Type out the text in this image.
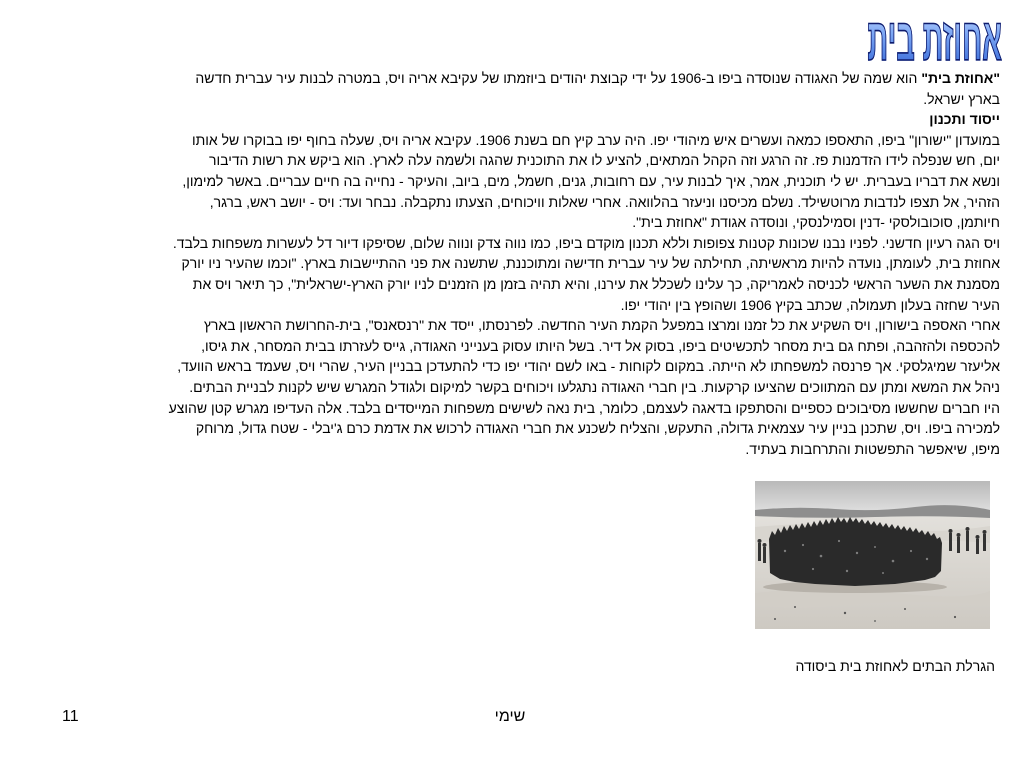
אחוזת בית
"אחוזת בית"הוא שמה של האגודה שנוסדה ביפו ב-1906 על ידי קבוצת יהודים ביוזמתו של עקיבא אריה ויס, במטרה לבנות עיר עברית חדשה
בארץ ישראל.
ייסוד ותכנון
במועדון "ישורון" ביפו, התאספו כמאה ועשרים איש מיהודי יפו. היה ערב קיץ חם בשנת 1906. עקיבא אריה ויס, שעלה בחוף יפו בבוקרו של אותו
יום, חש שנפלה לידו הזדמנות פז. זה הרגע וזה הקהל המתאים, להציע לו את התוכנית שהגה ולשמה עלה לארץ. הוא ביקש את רשות הדיבור
ונשא את דבריו בעברית. יש לי תוכנית, אמר, איך לבנות עיר, עם רחובות, גנים, חשמל, מים, ביוב, והעיקר - נחייה בה חיים עבריים. באשר למימון,
הזהיר, אל תצפו לנדבות מרוטשילד. נשלם מכיסנו וניעזר בהלוואה. אחרי שאלות וויכוחים, הצעתו נתקבלה. נבחר ועד: ויס - יושב ראש, ברגר,
חיותמן, סוכובולסקי -דנין וסמילנסקי, ונוסדה אגודת "אחוזת בית".
ויס הגה רעיון חדשני. לפניו נבנו שכונות קטנות צפופות וללא תכנון מוקדם ביפו, כמו נווה צדק ונווה שלום, שסיפקו דיור דל לעשרות משפחות בלבד.
אחוזת בית, לעומתן, נועדה להיות מראשיתה, תחילתה של עיר עברית חדישה ומתוכננת, שתשנה את פני ההתיישבות בארץ. "וכמו שהעיר ניו יורק
מסמנת את השער הראשי לכניסה לאמריקה, כך עלינו לשכלל את עירנו, והיא תהיה בזמן מן הזמנים לניו יורק הארץ-ישראלית", כך תיאר ויס את
העיר שחזה בעלון תעמולה, שכתב בקיץ 1906 ושהופץ בין יהודי יפו.
אחרי האספה בישורון, ויס השקיע את כל זמנו ומרצו במפעל הקמת העיר החדשה. לפרנסתו, ייסד את "רנסאנס", בית-החרושת הראשון בארץ
להכספה ולהזהבה, ופתח גם בית מסחר לתכשיטים ביפו, בסוק אל דיר. בשל היותו עסוק בענייני האגודה, גייס לעזרתו בבית המסחר, את גיסו,
אליעזר שמיגלסקי. אך פרנסה למשפחתו לא הייתה. במקום לקוחות - באו לשם יהודי יפו כדי להתעדכן בבניין העיר, שהרי ויס, שעמד בראש הוועד,
ניהל את המשא ומתן עם המתווכים שהציעו קרקעות. בין חברי האגודה נתגלעו ויכוחים בקשר למיקום ולגודל המגרש שיש לקנות לבניית הבתים.
היו חברים שחששו מסיבוכים כספיים והסתפקו בדאגה לעצמם, כלומר, בית נאה לשישים משפחות המייסדים בלבד. אלה העדיפו מגרש קטן שהוצע
למכירה ביפו. ויס, שתכנן בניין עיר עצמאית גדולה, התעקש, והצליח לשכנע את חברי האגודה לרכוש את אדמת כרם ג'יבלי - שטח גדול, מרוחק
מיפו, שיאפשר התפשטות והתרחבות בעתיד.
הגרלת הבתים לאחוזת בית ביסודה
שימי
11
